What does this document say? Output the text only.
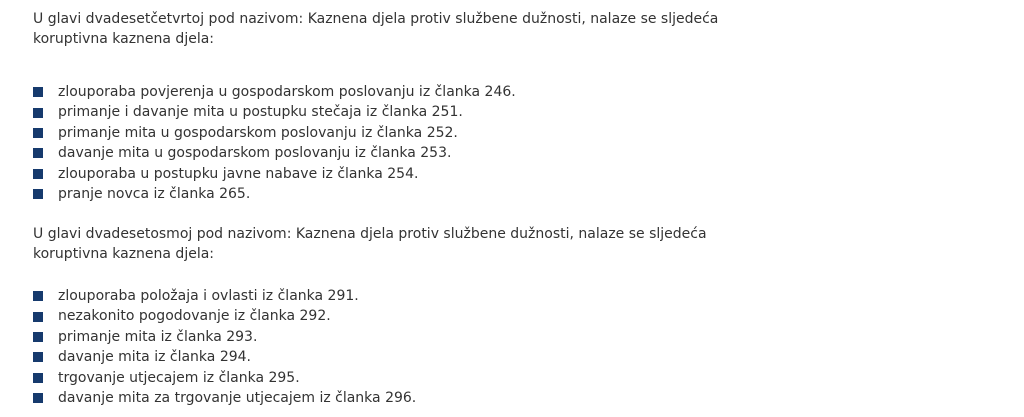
U glavi dvadesetčetvrtoj pod nazivom: Kaznena djela protiv službene dužnosti, nalaze se sljedeća koruptivna kaznena djela:

zlouporaba povjerenja u gospodarskom poslovanju iz članka 246.
primanje i davanje mita u postupku stečaja iz članka 251.
primanje mita u gospodarskom poslovanju iz članka 252.
davanje mita u gospodarskom poslovanju iz članka 253.
zlouporaba u postupku javne nabave iz članka 254.
pranje novca iz članka 265.

U glavi dvadesetosmoj pod nazivom: Kaznena djela protiv službene dužnosti, nalaze se sljedeća koruptivna kaznena djela:

zlouporaba položaja i ovlasti iz članka 291.
nezakonito pogodovanje iz članka 292.
primanje mita iz članka 293.
davanje mita iz članka 294.
trgovanje utjecajem iz članka 295.
davanje mita za trgovanje utjecajem iz članka 296.
